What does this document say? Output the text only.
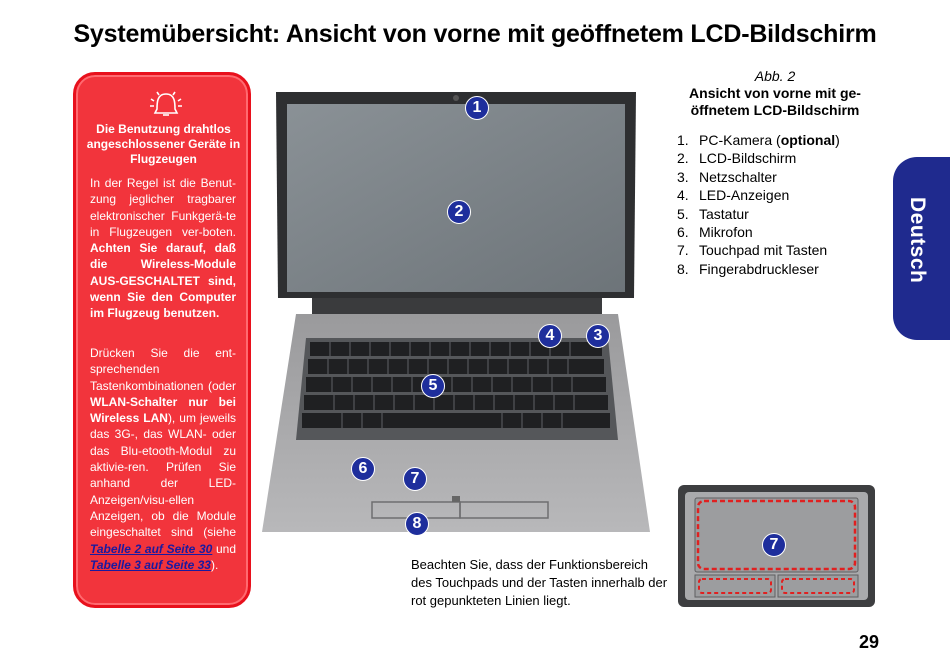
Systemübersicht: Ansicht von vorne mit geöffnetem LCD-Bildschirm
Die Benutzung drahtlos angeschlossener Geräte in Flugzeugen
In der Regel ist die Benut-zung jeglicher tragbarer elektronischer Funkgerä-te in Flugzeugen ver-boten. Achten Sie darauf, daß die Wireless-Module AUS-GESCHALTET sind, wenn Sie den Computer im Flugzeug benutzen.
Drücken Sie die ent-sprechenden Tastenkombinationen (oder WLAN-Schalter nur bei Wireless LAN), um jeweils das 3G-, das WLAN- oder das Blu-etooth-Modul zu aktivie-ren. Prüfen Sie anhand der LED-Anzeigen/visu-ellen Anzeigen, ob die Module eingeschaltet sind (siehe Tabelle 2 auf Seite 30 und Tabelle 3 auf Seite 33).
1
2
3
4
5
6
7
8
Abb. 2
Ansicht von vorne mit ge-öffnetem LCD-Bildschirm
1. PC-Kamera (optional)
2. LCD-Bildschirm
3. Netzschalter
4. LED-Anzeigen
5. Tastatur
6. Mikrofon
7. Touchpad mit Tasten
8. Fingerabdruckleser	Deutsch
7
Beachten Sie, dass der Funktionsbereich des Touchpads und der Tasten innerhalb der rot gepunkteten Linien liegt.
29
